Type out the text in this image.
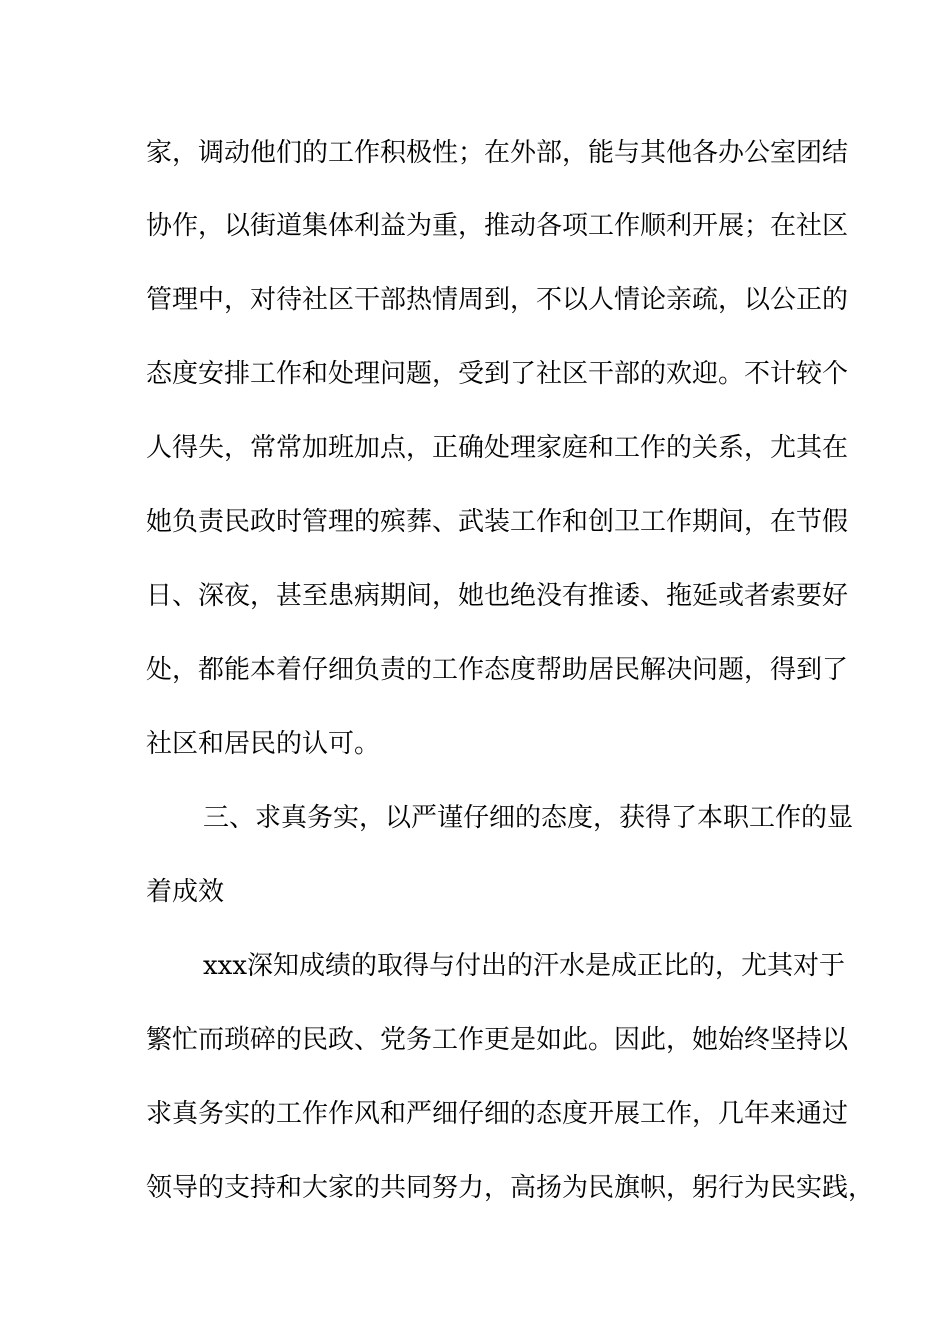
家，调动他们的工作积极性；在外部，能与其他各办公室团结
协作，以街道集体利益为重，推动各项工作顺利开展；在社区
管理中，对待社区干部热情周到，不以人情论亲疏，以公正的
态度安排工作和处理问题，受到了社区干部的欢迎。不计较个
人得失，常常加班加点，正确处理家庭和工作的关系，尤其在
她负责民政时管理的殡葬、武装工作和创卫工作期间，在节假
日、深夜，甚至患病期间，她也绝没有推诿、拖延或者索要好
处，都能本着仔细负责的工作态度帮助居民解决问题，得到了
社区和居民的认可。
三、求真务实，以严谨仔细的态度，获得了本职工作的显
着成效
xxx深知成绩的取得与付出的汗水是成正比的，尤其对于
繁忙而琐碎的民政、党务工作更是如此。因此，她始终坚持以
求真务实的工作作风和严细仔细的态度开展工作，几年来通过
领导的支持和大家的共同努力，高扬为民旗帜，躬行为民实践，
